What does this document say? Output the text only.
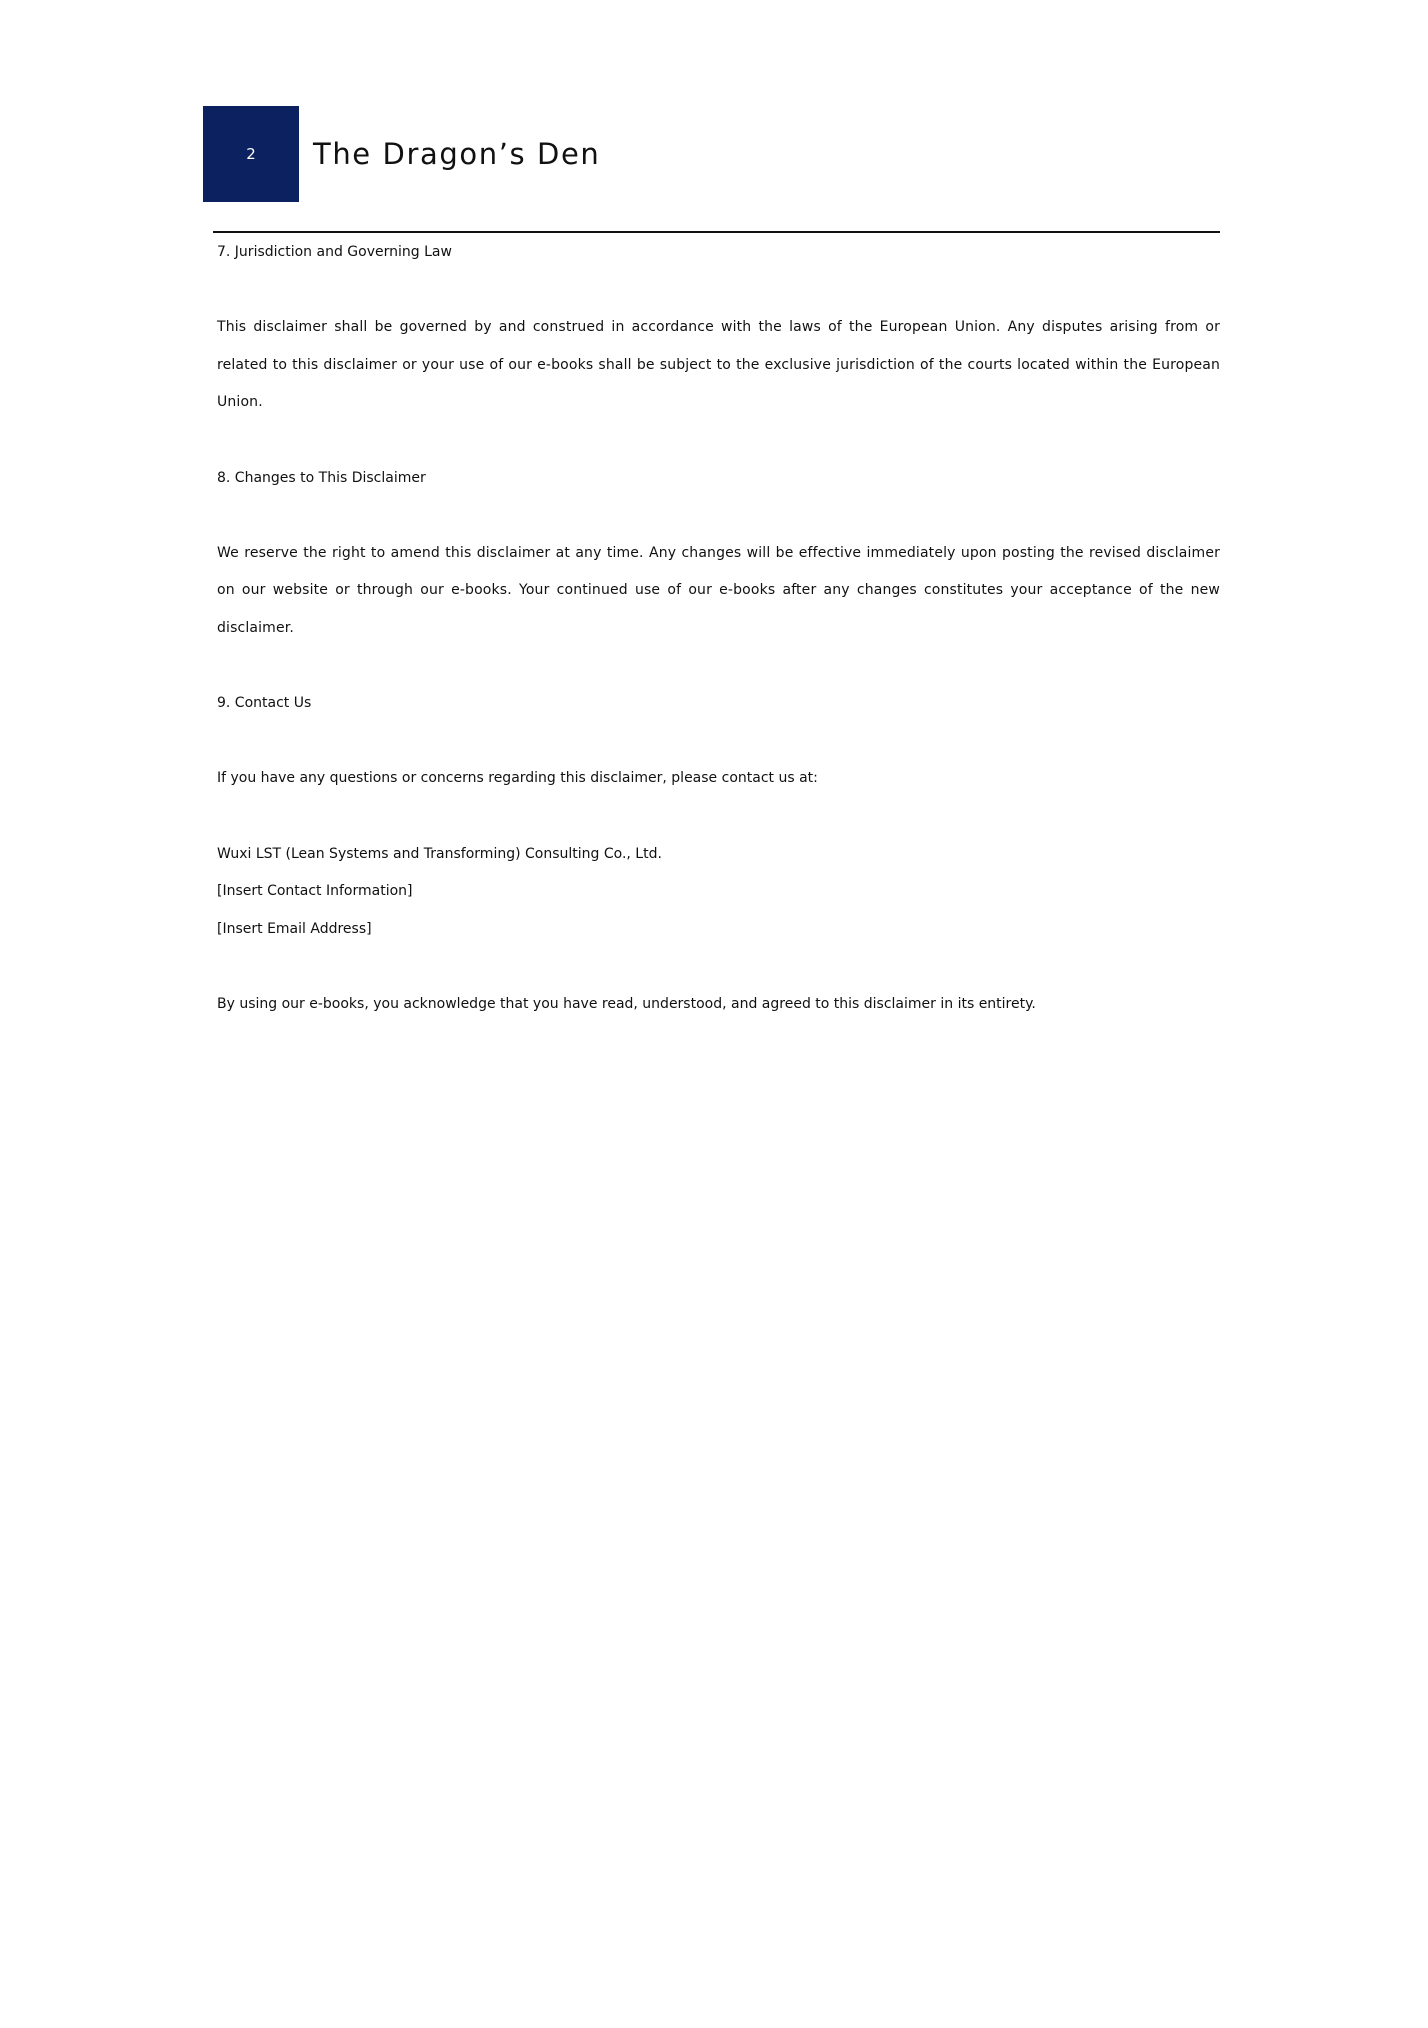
2 The Dragon’s Den

7. Jurisdiction and Governing Law

This disclaimer shall be governed by and construed in accordance with the laws of the European Union. Any disputes arising from or related to this disclaimer or your use of our e-books shall be subject to the exclusive jurisdiction of the courts located within the European Union.

8. Changes to This Disclaimer

We reserve the right to amend this disclaimer at any time. Any changes will be effective immediately upon posting the revised disclaimer on our website or through our e-books. Your continued use of our e-books after any changes constitutes your acceptance of the new disclaimer.

9. Contact Us

If you have any questions or concerns regarding this disclaimer, please contact us at:

Wuxi LST (Lean Systems and Transforming) Consulting Co., Ltd.

[Insert Contact Information]

[Insert Email Address]

By using our e-books, you acknowledge that you have read, understood, and agreed to this disclaimer in its entirety.
